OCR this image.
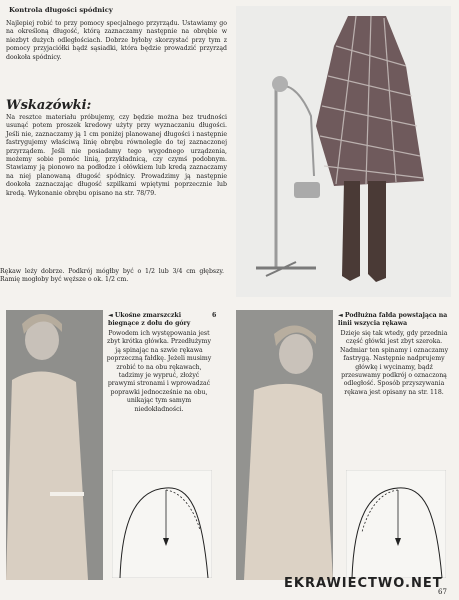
Kontrola długości spódnicy
Najlepiej robić to przy pomocy specjalnego przyrządu. Ustawiamy go na określoną długość, którą zaznaczamy następnie na obrębie w niezbyt dużych odległościach. Dobrze byłoby skorzystać przy tym z pomocy przyjaciółki bądź sąsiadki, która będzie prowadzić przyrząd dookoła spódnicy.
Wskazówki:
Na resztce materiału próbujemy, czy będzie można bez trudności usunąć potem proszek kredowy użyty przy wyznaczaniu długości. Jeśli nie, zaznaczamy ją 1 cm poniżej planowanej długości i następnie fastrygujemy właściwą linię obrębu równolegle do tej zaznaczonej przyrządem. Jeśli nie posiadamy tego wygodnego urządzenia, możemy sobie pomóc linią, przykładnicą, czy czymś podobnym. Stawiamy ją pionowo na podłodze i ołówkiem lub kredą zaznaczamy na niej planowaną długość spódnicy. Prowadzimy ją następnie dookoła zaznaczając długość szpilkami wpiętymi poprzecznie lub kredą. Wykonanie obrębu opisano na str. 78/79.
Rękaw leży dobrze. Podkrój mógłby być o 1/2 lub 3/4 cm głębszy. Ramię mogłoby być węższe o ok. 1/2 cm.
◄ Ukośne zmarszczki biegnące z dołu do góry
6
Powodem ich występowania jest zbyt krótka główka. Przedłużymy ją spinając na szwie rękawa poprzeczną fałdkę. Jeżeli musimy zrobić to na obu rękawach, tadzimy je wypruć, złożyć prawymi stronami i wprowadzać poprawki jednocześnie na obu, unikając tym samym niedokładności.
◄ Podłużna fałda powstająca na linii wszycia rękawa
Dzieje się tak wtedy, gdy przednia część główki jest zbyt szeroka. Nadmiar ten spinamy i oznaczamy fastrygą. Następnie nadprujemy główkę i wycinamy, bądź przesuwamy podkrój o oznaczoną odległość. Sposób przyszywania rękawa jest opisany na str. 118.
EKRAWIECTWO.NET
67
